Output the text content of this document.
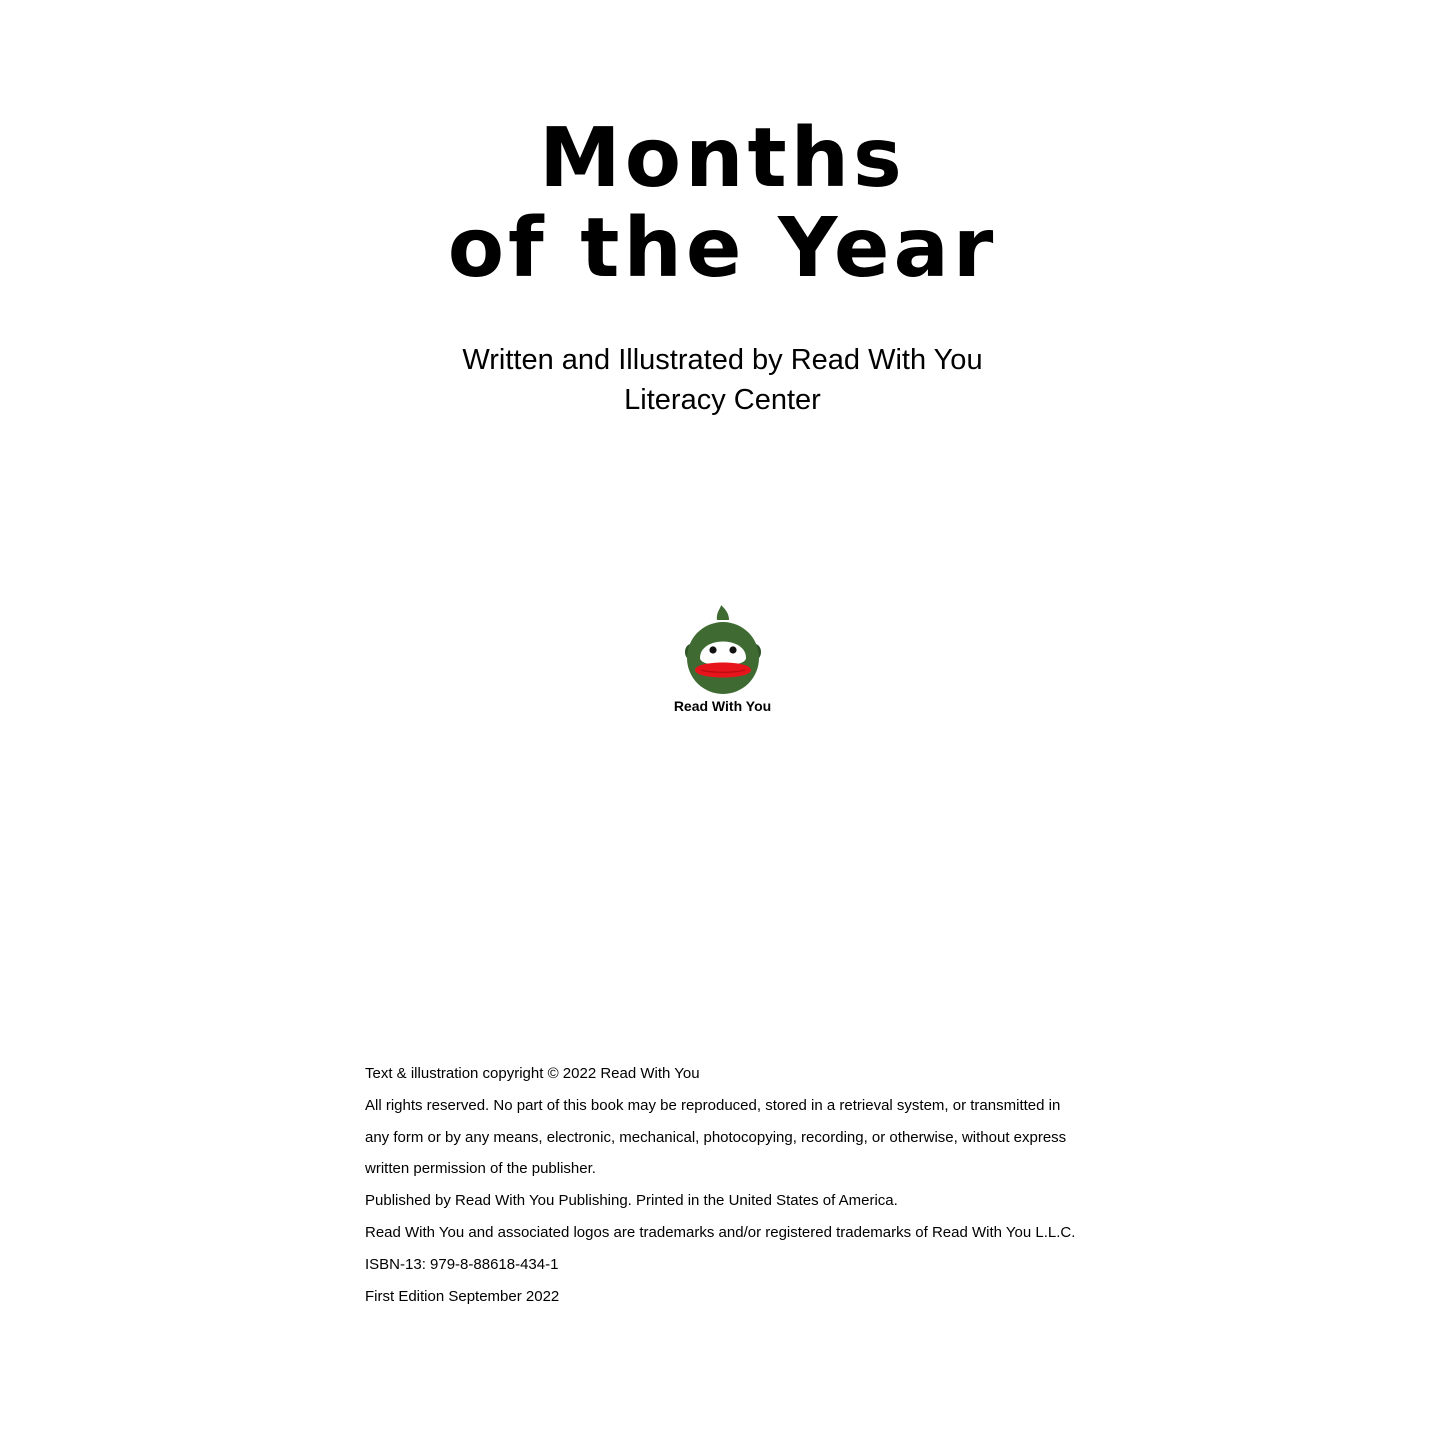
Months
of the Year

Written and Illustrated by Read With You

Literacy Center

Read With You
Text & illustration copyright © 2022 Read With You
All rights reserved. No part of this book may be reproduced, stored in a retrieval system, or transmitted in
any form or by any means, electronic, mechanical, photocopying, recording, or otherwise, without express
written permission of the publisher.
Published by Read With You Publishing. Printed in the United States of America.
Read With You and associated logos are trademarks and/or registered trademarks of Read With You L.L.C.
ISBN-13: 979-8-88618-434-1
First Edition September 2022
